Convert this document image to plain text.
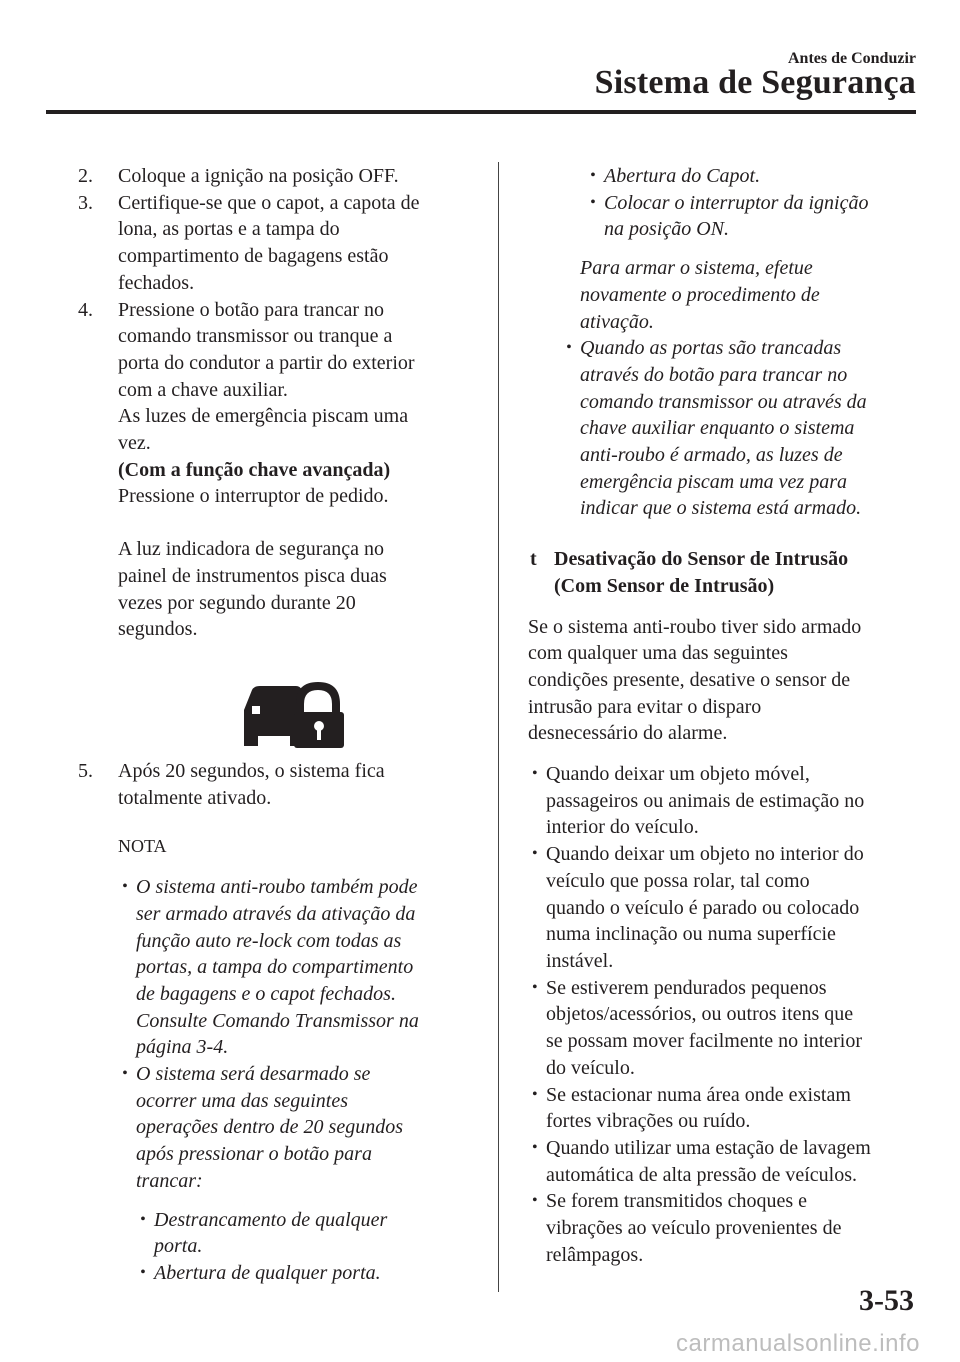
Antes de Conduzir
Sistema de Segurança
2. Coloque a ignição na posição OFF.
3. Certifique-se que o capot, a capota de
lona, as portas e a tampa do
compartimento de bagagens estão
fechados.
4. Pressione o botão para trancar no
comando transmissor ou tranque a
porta do condutor a partir do exterior
com a chave auxiliar.
As luzes de emergência piscam uma
vez.
(Com a função chave avançada)
Pressione o interruptor de pedido.
A luz indicadora de segurança no
painel de instrumentos pisca duas
vezes por segundo durante 20
segundos.
5. Após 20 segundos, o sistema fica
totalmente ativado.
NOTA
• O sistema anti-roubo também pode
ser armado através da ativação da
função auto re-lock com todas as
portas, a tampa do compartimento
de bagagens e o capot fechados.
Consulte Comando Transmissor na
página 3-4.
• O sistema será desarmado se
ocorrer uma das seguintes
operações dentro de 20 segundos
após pressionar o botão para
trancar:
• Destrancamento de qualquer
porta.
• Abertura de qualquer porta.
• Abertura do Capot.
• Colocar o interruptor da ignição
na posição ON.
Para armar o sistema, efetue
novamente o procedimento de
ativação.
• Quando as portas são trancadas
através do botão para trancar no
comando transmissor ou através da
chave auxiliar enquanto o sistema
anti-roubo é armado, as luzes de
emergência piscam uma vez para
indicar que o sistema está armado.
t Desativação do Sensor de Intrusão
(Com Sensor de Intrusão)
Se o sistema anti-roubo tiver sido armado
com qualquer uma das seguintes
condições presente, desative o sensor de
intrusão para evitar o disparo
desnecessário do alarme.
• Quando deixar um objeto móvel,
passageiros ou animais de estimação no
interior do veículo.
• Quando deixar um objeto no interior do
veículo que possa rolar, tal como
quando o veículo é parado ou colocado
numa inclinação ou numa superfície
instável.
• Se estiverem pendurados pequenos
objetos/acessórios, ou outros itens que
se possam mover facilmente no interior
do veículo.
• Se estacionar numa área onde existam
fortes vibrações ou ruído.
• Quando utilizar uma estação de lavagem
automática de alta pressão de veículos.
• Se forem transmitidos choques e
vibrações ao veículo provenientes de
relâmpagos.
3-53
carmanualsonline.info
